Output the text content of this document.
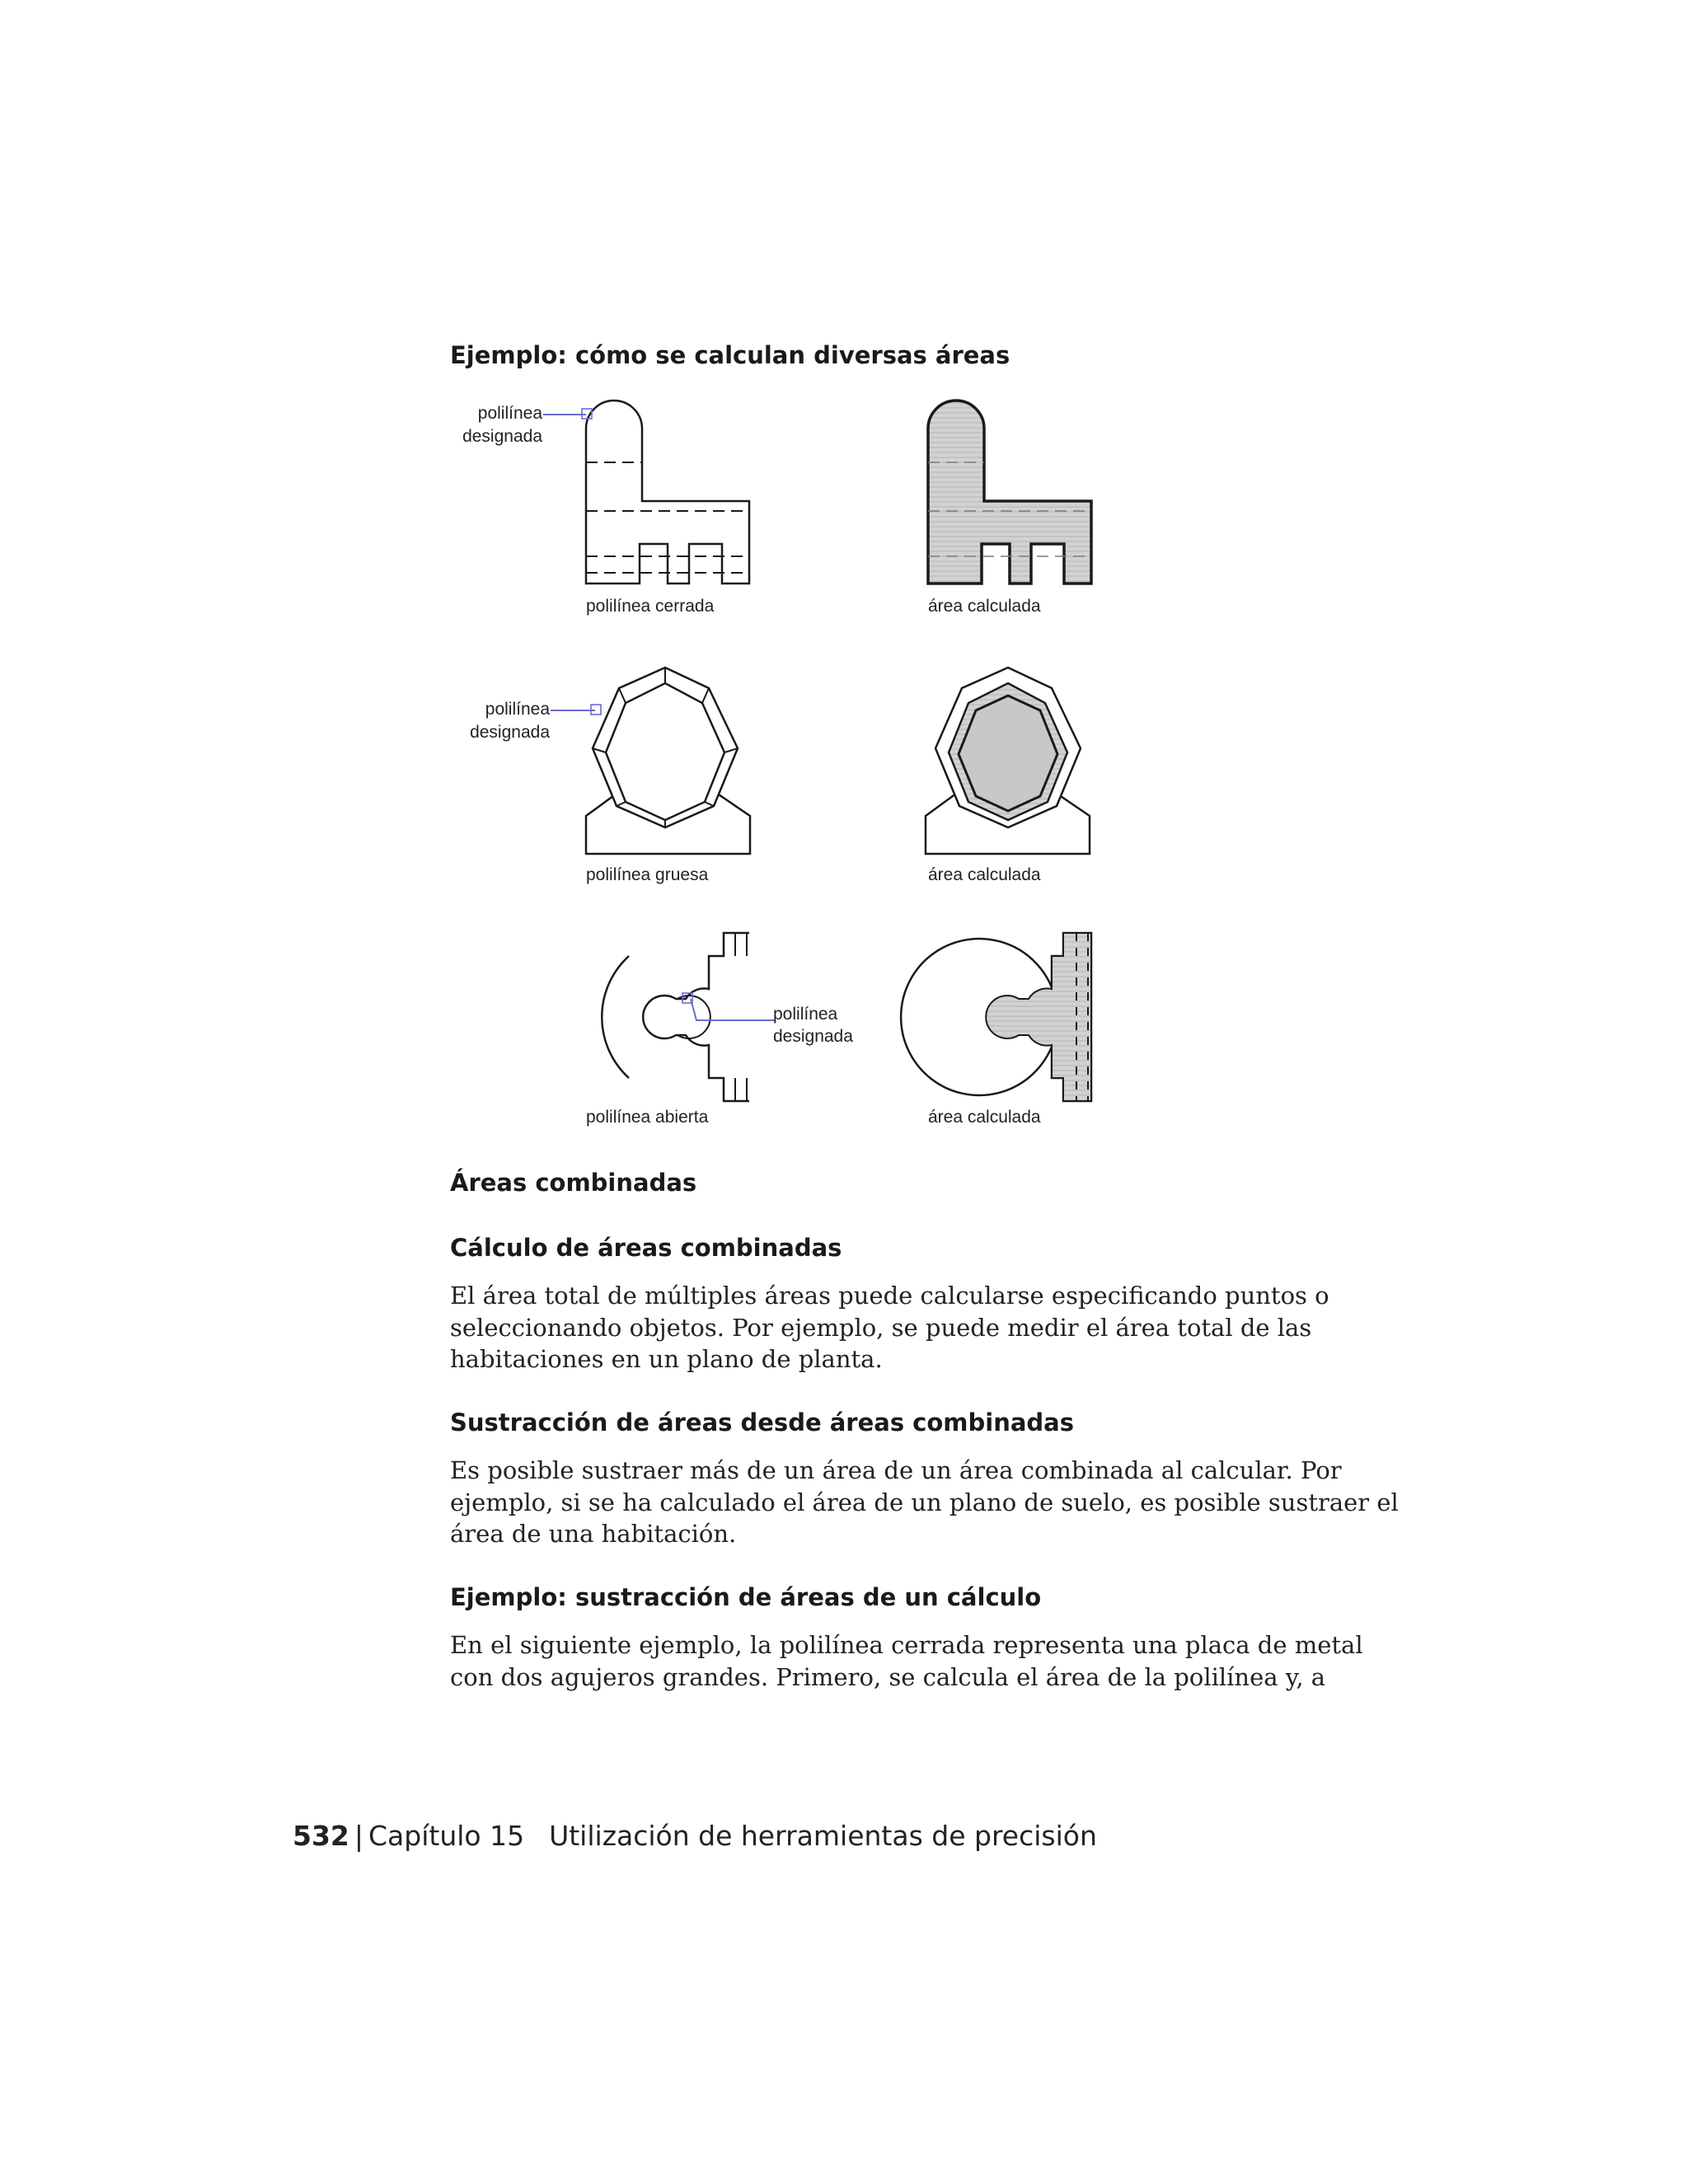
Ejemplo: cómo se calculan diversas áreas
polilínea
designada
polilínea cerrada	área calculada
polilínea
designada
polilínea gruesa	área calculada
polilínea
designada
polilínea abierta	área calculada
Áreas combinadas
Cálculo de áreas combinadas

El área total de múltiples áreas puede calcularse especificando puntos o
seleccionando objetos. Por ejemplo, se puede medir el área total de las
habitaciones en un plano de planta.

Sustracción de áreas desde áreas combinadas

Es posible sustraer más de un área de un área combinada al calcular. Por
ejemplo, si se ha calculado el área de un plano de suelo, es posible sustraer el
área de una habitación.

Ejemplo: sustracción de áreas de un cálculo

En el siguiente ejemplo, la polilínea cerrada representa una placa de metal
con dos agujeros grandes. Primero, se calcula el área de la polilínea y, a

532 | Capítulo 15 Utilización de herramientas de precisión
